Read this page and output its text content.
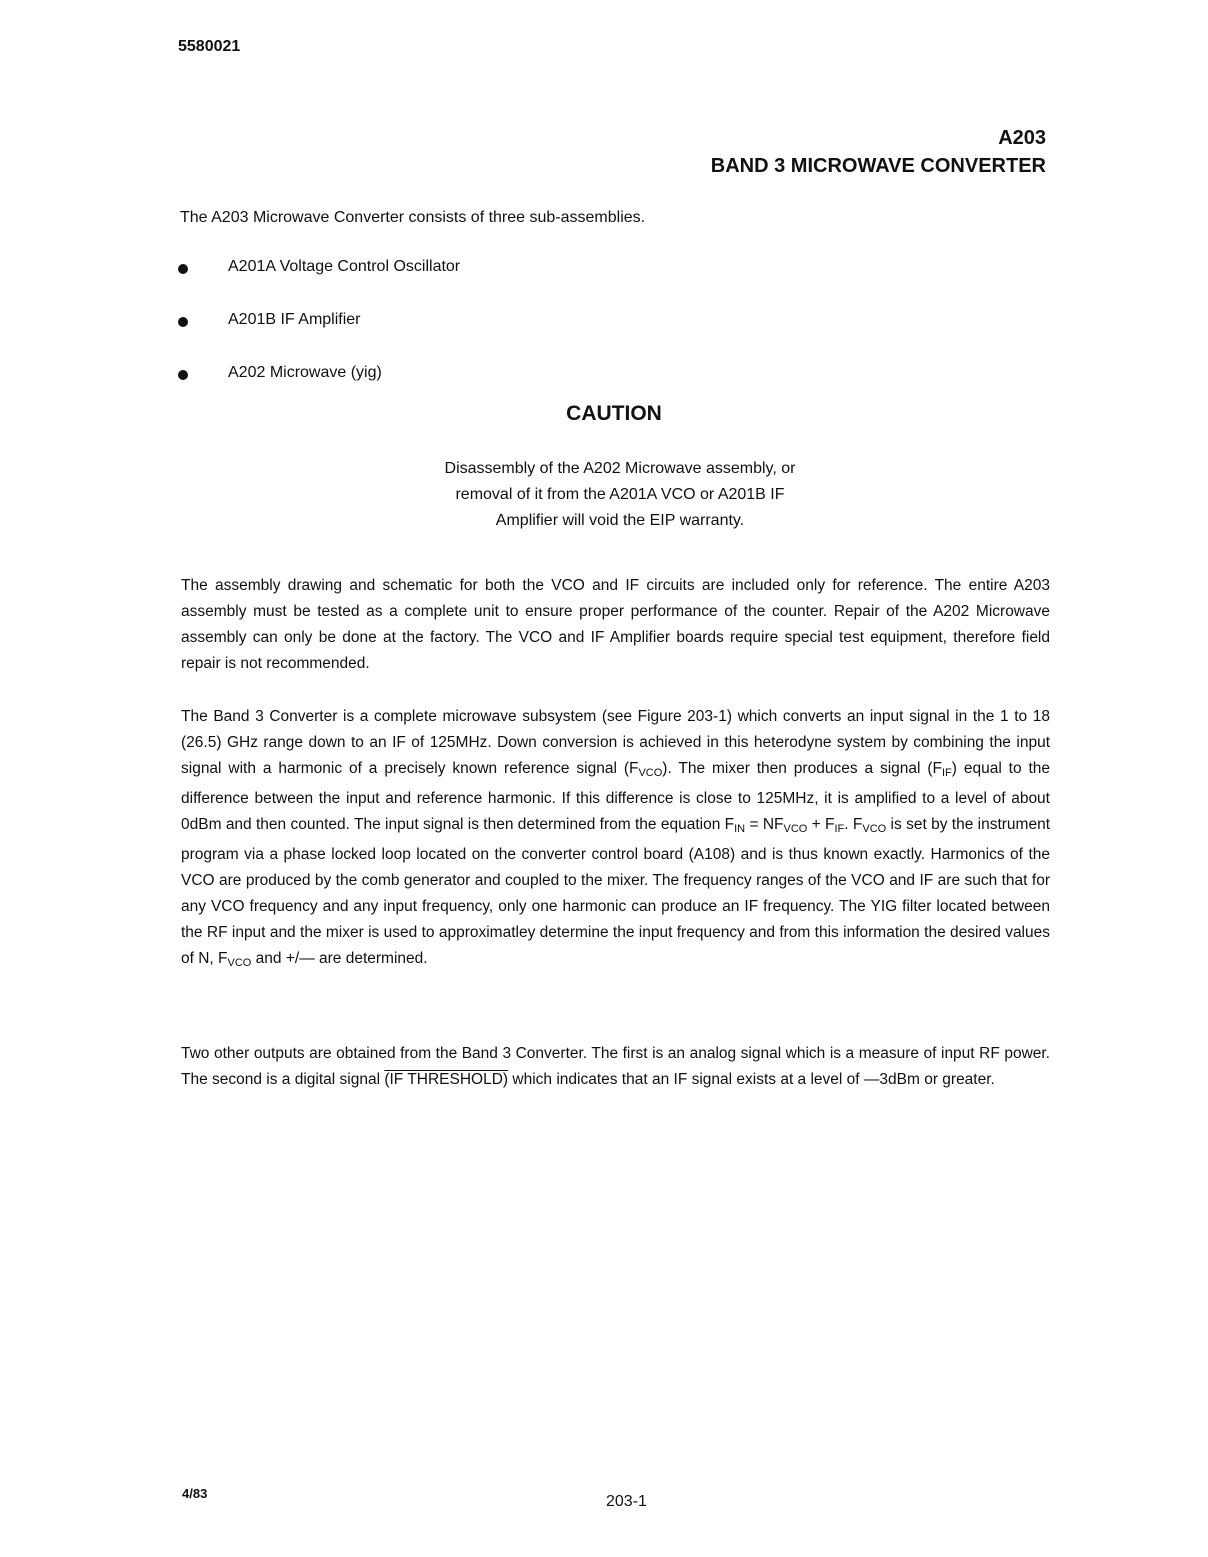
5580021
A203
BAND 3 MICROWAVE CONVERTER
The A203 Microwave Converter consists of three sub-assemblies.
A201A Voltage Control Oscillator
A201B IF Amplifier
A202 Microwave (yig)
CAUTION
Disassembly of the A202 Microwave assembly, or
removal of it from the A201A VCO or A201B IF
Amplifier will void the EIP warranty.

The assembly drawing and schematic for both the VCO and IF circuits are included only for reference. The entire A203 assembly must be tested as a complete unit to ensure proper performance of the counter. Repair of the A202 Microwave assembly can only be done at the factory. The VCO and IF Amplifier boards require special test equipment, therefore field repair is not recommended.

The Band 3 Converter is a complete microwave subsystem (see Figure 203-1) which converts an input signal in the 1 to 18 (26.5) GHz range down to an IF of 125MHz. Down conversion is achieved in this heterodyne system by combining the input signal with a harmonic of a precisely known reference signal $(F_{VCO})$. The mixer then produces a signal $(F_{IF})$ equal to the difference between the input and reference harmonic. If this difference is close to 125MHz, it is amplified to a level of about 0dBm and then counted. The input signal is then determined from the equation $F_{IN} = NF_{VCO} + F_{IF}$. $F_{VCO}$ is set by the instrument program via a phase locked loop located on the converter control board (A108) and is thus known exactly. Harmonics of the VCO are produced by the comb generator and coupled to the mixer. The frequency ranges of the VCO and IF are such that for any VCO frequency and any input frequency, only one harmonic can produce an IF frequency. The YIG filter located between the RF input and the mixer is used to approximatley determine the input frequency and from this information the desired values of N, $F_{VCO}$ and +/— are determined.

Two other outputs are obtained from the Band 3 Converter. The first is an analog signal which is a measure of input RF power. The second is a digital signal (IF THRESHOLD) which indicates that an IF signal exists at a level of —3dBm or greater.

4/83	203-1
